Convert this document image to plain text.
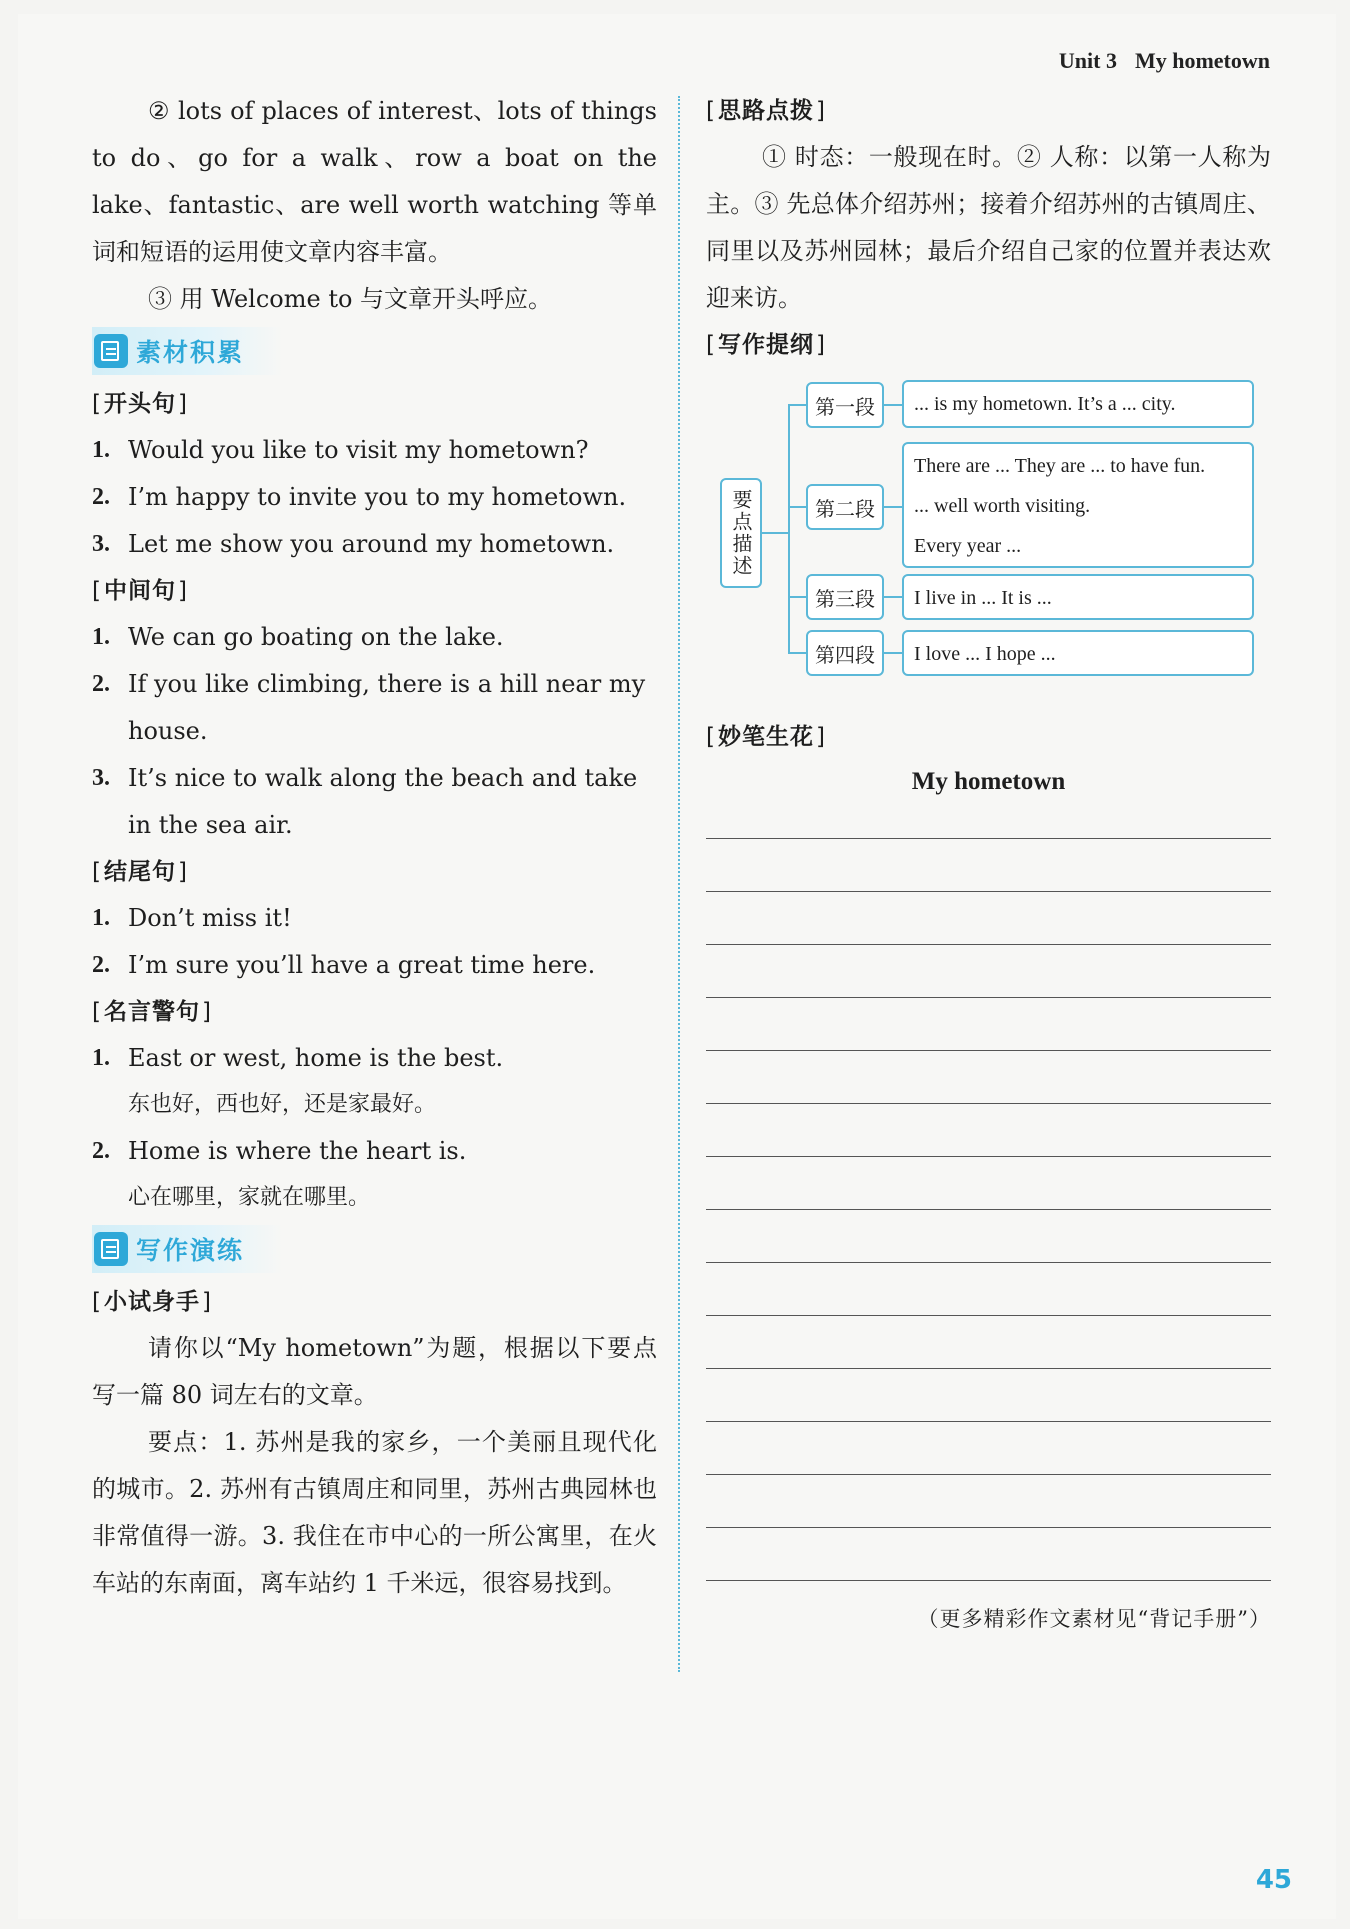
Unit 3 My hometown

② lots of places of interest、lots of things to do、go for a walk、row a boat on the lake、fantastic、are well worth watching 等单词和短语的运用使文章内容丰富。

③ 用 Welcome to 与文章开头呼应。

素材积累

[ 开头句 ]

1. Would you like to visit my hometown?
2. I’m happy to invite you to my hometown.
3. Let me show you around my hometown.

[ 中间句 ]

1. We can go boating on the lake.
2. If you like climbing, there is a hill near my house.
3. It’s nice to walk along the beach and take in the sea air.

[ 结尾句 ]

1. Don’t miss it!
2. I’m sure you’ll have a great time here.

[ 名言警句 ]

1. East or west, home is the best.
东也好，西也好，还是家最好。
2. Home is where the heart is.
心在哪里，家就在哪里。
写作演练

[ 小试身手 ]

请你以“My hometown”为题，根据以下要点写一篇 80 词左右的文章。

要点：1. 苏州是我的家乡，一个美丽且现代化的城市。2. 苏州有古镇周庄和同里，苏州古典园林也非常值得一游。3. 我住在市中心的一所公寓里，在火车站的东南面，离车站约 1 千米远，很容易找到。

[ 思路点拨 ]

① 时态：一般现在时。② 人称：以第一人称为主。③ 先总体介绍苏州；接着介绍苏州的古镇周庄、同里以及苏州园林；最后介绍自己家的位置并表达欢迎来访。

[ 写作提纲 ]

要点描述
第一段	... is my hometown. It’s a ... city.
第二段
There are ... They are ... to have fun.
... well worth visiting.
Every year ...
第三段	I live in ... It is ...
第四段	I love ... I hope ...

[ 妙笔生花 ]

My hometown
（更多精彩作文素材见“背记手册”）
45
